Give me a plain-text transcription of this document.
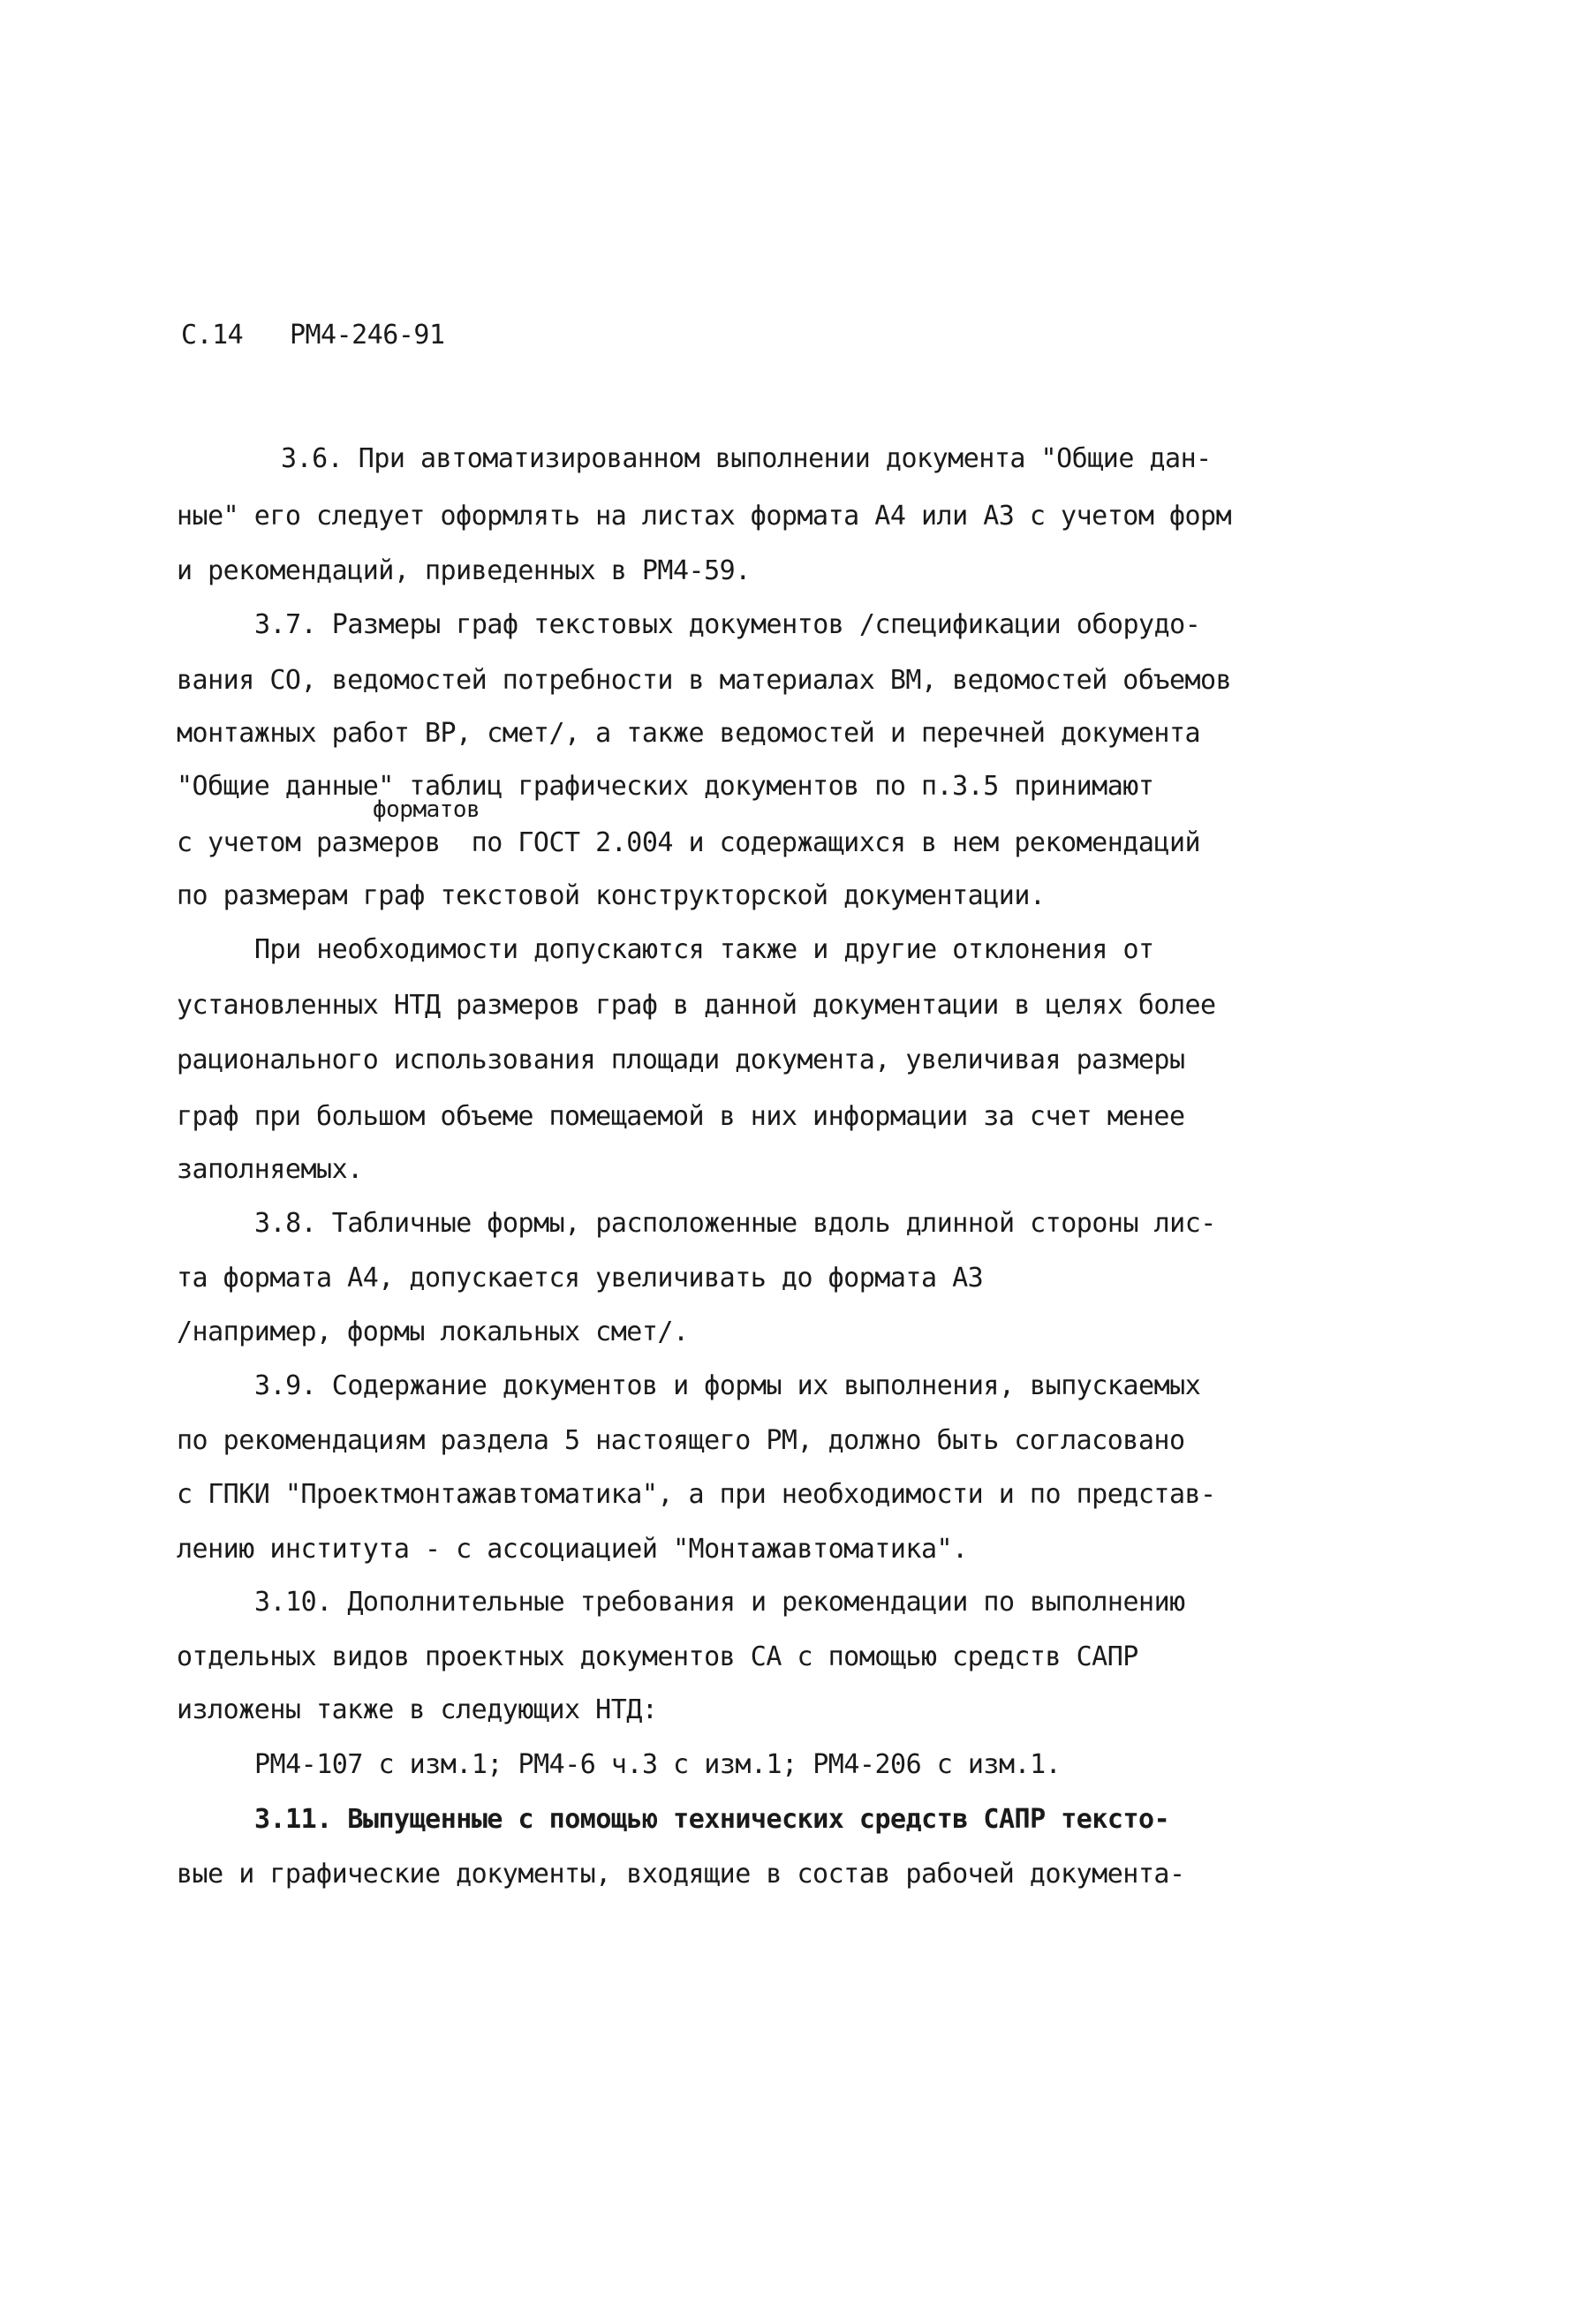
С.14 РМ4-246-91
3.6. При автоматизированном выполнении документа "Общие дан-
ные" его следует оформлять на листах формата А4 или А3 с учетом форм
и рекомендаций, приведенных в РМ4-59.
3.7. Размеры граф текстовых документов /спецификации оборудо-
вания СО, ведомостей потребности в материалах ВМ, ведомостей объемов
монтажных работ ВР, смет/, а также ведомостей и перечней документа
"Общие данные" таблиц графических документов по п.3.5 принимают
форматов
с учетом размеров  по ГОСТ 2.004 и содержащихся в нем рекомендаций
по размерам граф текстовой конструкторской документации.
При необходимости допускаются также и другие отклонения от
установленных НТД размеров граф в данной документации в целях более
рационального использования площади документа, увеличивая размеры
граф при большом объеме помещаемой в них информации за счет менее
заполняемых.
3.8. Табличные формы, расположенные вдоль длинной стороны лис-
та формата А4, допускается увеличивать до формата А3
/например, формы локальных смет/.
3.9. Содержание документов и формы их выполнения, выпускаемых
по рекомендациям раздела 5 настоящего РМ, должно быть согласовано
с ГПКИ "Проектмонтажавтоматика", а при необходимости и по представ-
лению института - с ассоциацией "Монтажавтоматика".
3.10. Дополнительные требования и рекомендации по выполнению
отдельных видов проектных документов СА с помощью средств САПР
изложены также в следующих НТД:
РМ4-107 с изм.1; РМ4-6 ч.3 с изм.1; РМ4-206 с изм.1.
3.11. Выпущенные с помощью технических средств САПР тексто-
вые и графические документы, входящие в состав рабочей документа-
